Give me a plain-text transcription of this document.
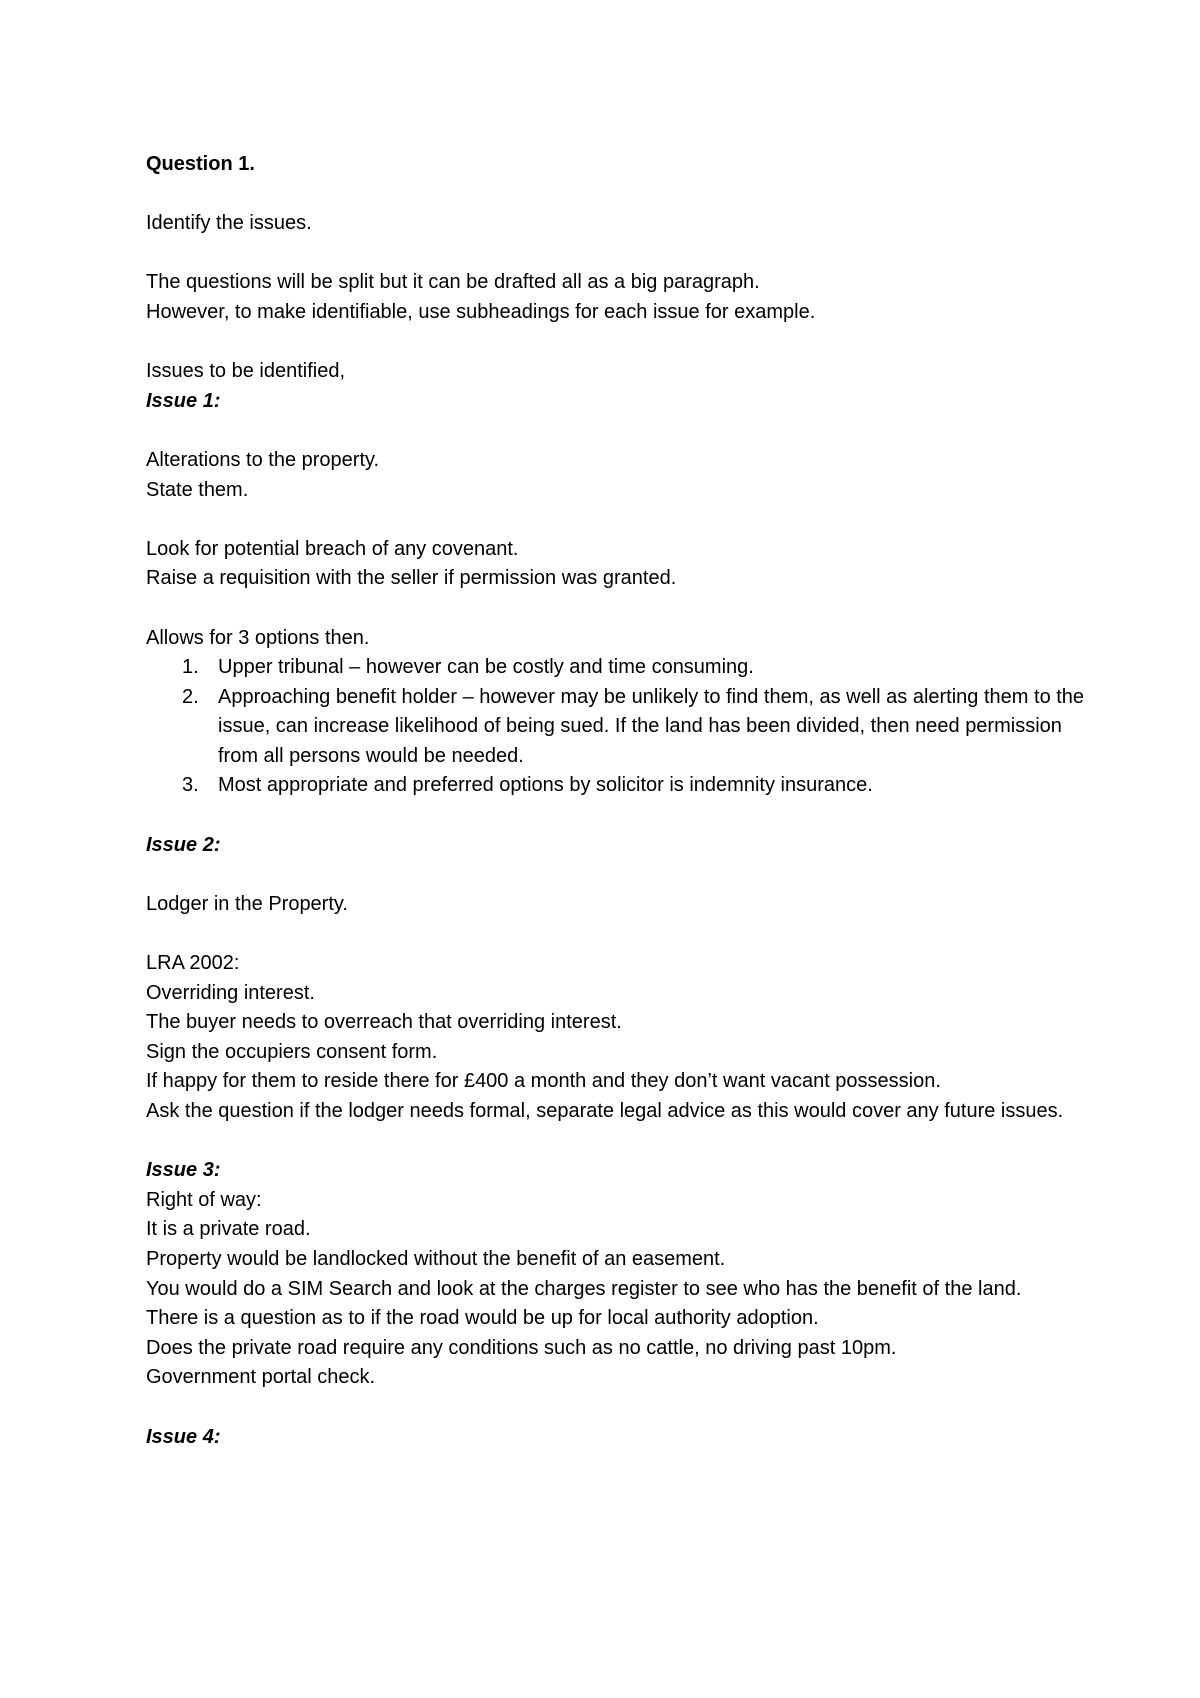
Question 1.
Identify the issues.
The questions will be split but it can be drafted all as a big paragraph.
However, to make identifiable, use subheadings for each issue for example.
Issues to be identified,
Issue 1:
Alterations to the property.
State them.
Look for potential breach of any covenant.
Raise a requisition with the seller if permission was granted.
Allows for 3 options then.
1. Upper tribunal – however can be costly and time consuming.
2. Approaching benefit holder – however may be unlikely to find them, as well as alerting them to the issue, can increase likelihood of being sued. If the land has been divided, then need permission from all persons would be needed.
3. Most appropriate and preferred options by solicitor is indemnity insurance.
Issue 2:
Lodger in the Property.
LRA 2002:
Overriding interest.
The buyer needs to overreach that overriding interest.
Sign the occupiers consent form.
If happy for them to reside there for £400 a month and they don’t want vacant possession.
Ask the question if the lodger needs formal, separate legal advice as this would cover any future issues.
Issue 3:
Right of way:
It is a private road.
Property would be landlocked without the benefit of an easement.
You would do a SIM Search and look at the charges register to see who has the benefit of the land.
There is a question as to if the road would be up for local authority adoption.
Does the private road require any conditions such as no cattle, no driving past 10pm.
Government portal check.
Issue 4:
